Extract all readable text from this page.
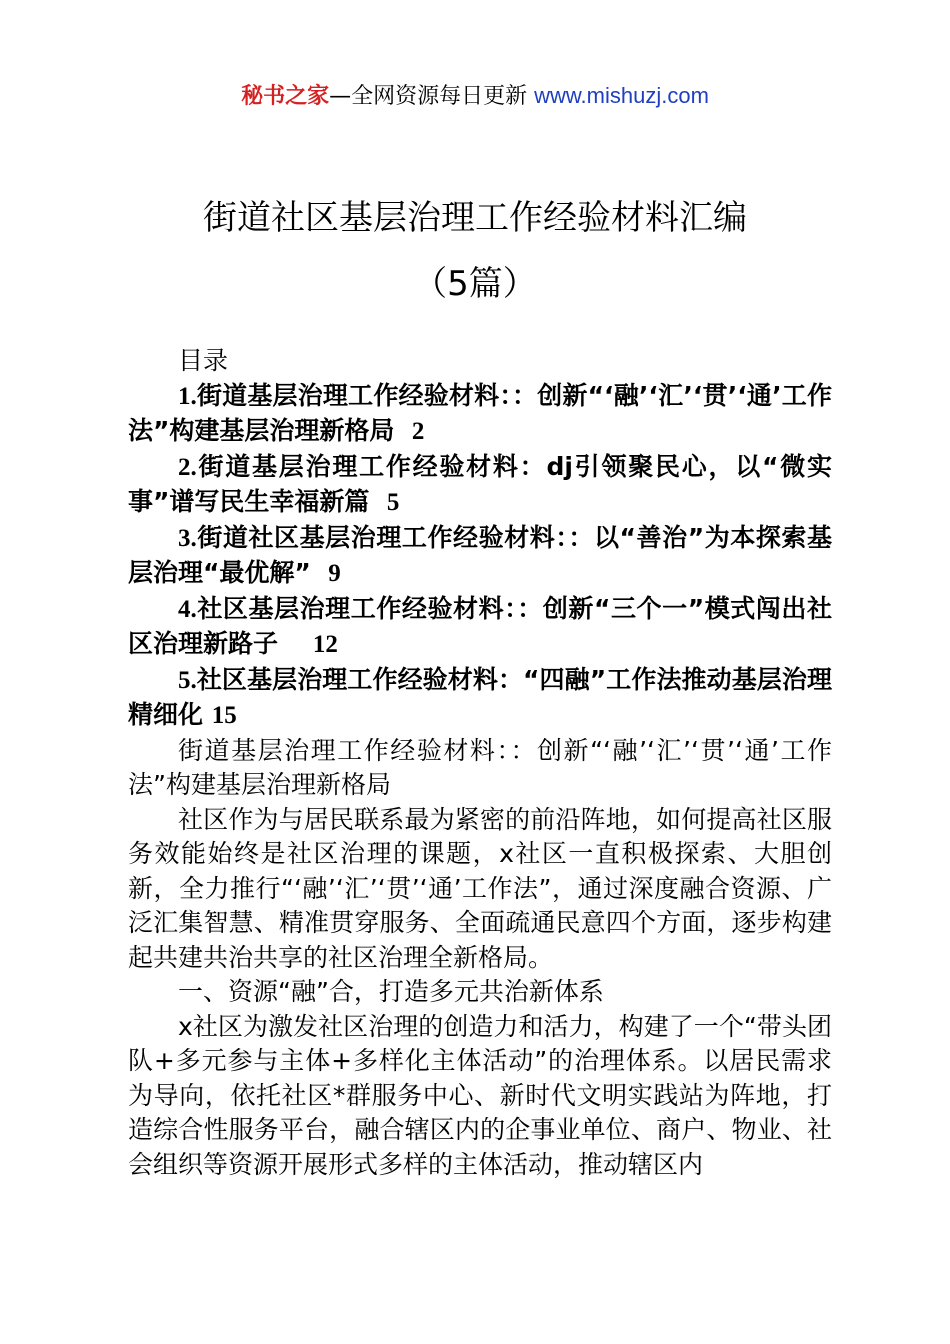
秘书之家—全网资源每日更新 www.mishuzj.com
街道社区基层治理工作经验材料汇编
（5篇）

目录

1.街道基层治理工作经验材料：：创新“‘融’‘汇’‘贯’‘通’工作法”构建基层治理新格局 2

2.街道基层治理工作经验材料：dj引领聚民心，以“微实事”谱写民生幸福新篇 5

3.街道社区基层治理工作经验材料：：以“善治”为本探索基层治理“最优解” 9

4.社区基层治理工作经验材料：：创新“三个一”模式闯出社区治理新路子 12

5.社区基层治理工作经验材料：“四融”工作法推动基层治理精细化 15

街道基层治理工作经验材料：：创新“‘融’‘汇’‘贯’‘通’工作法”构建基层治理新格局

社区作为与居民联系最为紧密的前沿阵地，如何提高社区服务效能始终是社区治理的课题，x社区一直积极探索、大胆创新，全力推行“‘融’‘汇’‘贯’‘通’工作法”，通过深度融合资源、广泛汇集智慧、精准贯穿服务、全面疏通民意四个方面，逐步构建起共建共治共享的社区治理全新格局。

一、资源“融”合，打造多元共治新体系

x社区为激发社区治理的创造力和活力，构建了一个“带头团队+多元参与主体+多样化主体活动”的治理体系。以居民需求为导向，依托社区*群服务中心、新时代文明实践站为阵地，打造综合性服务平台，融合辖区内的企事业单位、商户、物业、社会组织等资源开展形式多样的主体活动，推动辖区内
